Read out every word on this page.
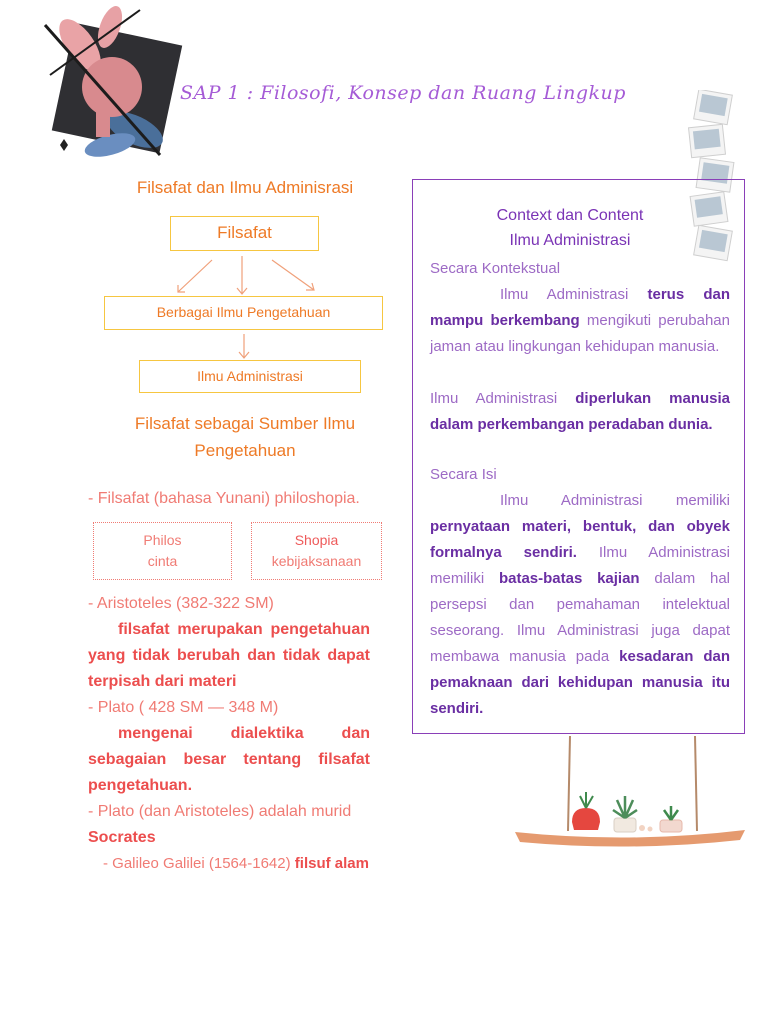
SAP 1 : Filosofi, Konsep dan Ruang Lingkup
Filsafat dan Ilmu Adminisrasi
Filsafat
Berbagai Ilmu Pengetahuan
Ilmu Administrasi
Filsafat sebagai Sumber Ilmu
Pengetahuan
- Filsafat (bahasa Yunani) philoshopia.
Philos
cinta
Shopia
kebijaksanaan
- Aristoteles (382-322 SM)
filsafat merupakan pengetahuan yang tidak berubah dan tidak dapat terpisah dari materi
- Plato ( 428 SM — 348 M)
mengenai dialektika dan sebagaian besar tentang filsafat pengetahuan.
- Plato (dan Aristoteles) adalah murid
Socrates
- Galileo Galilei (1564-1642) filsuf alam
Context dan Content
Ilmu Administrasi
Secara Kontekstual
Ilmu Administrasi terus dan mampu berkembang mengikuti perubahan jaman atau lingkungan kehidupan manusia.
Ilmu Administrasi diperlukan manusia dalam perkembangan peradaban dunia.
Secara Isi
Ilmu Administrasi memiliki pernyataan materi, bentuk, dan obyek formalnya sendiri. Ilmu Administrasi memiliki batas-batas kajian dalam hal persepsi dan pemahaman intelektual seseorang. Ilmu Administrasi juga dapat membawa manusia pada kesadaran dan pemaknaan dari kehidupan manusia itu sendiri.
